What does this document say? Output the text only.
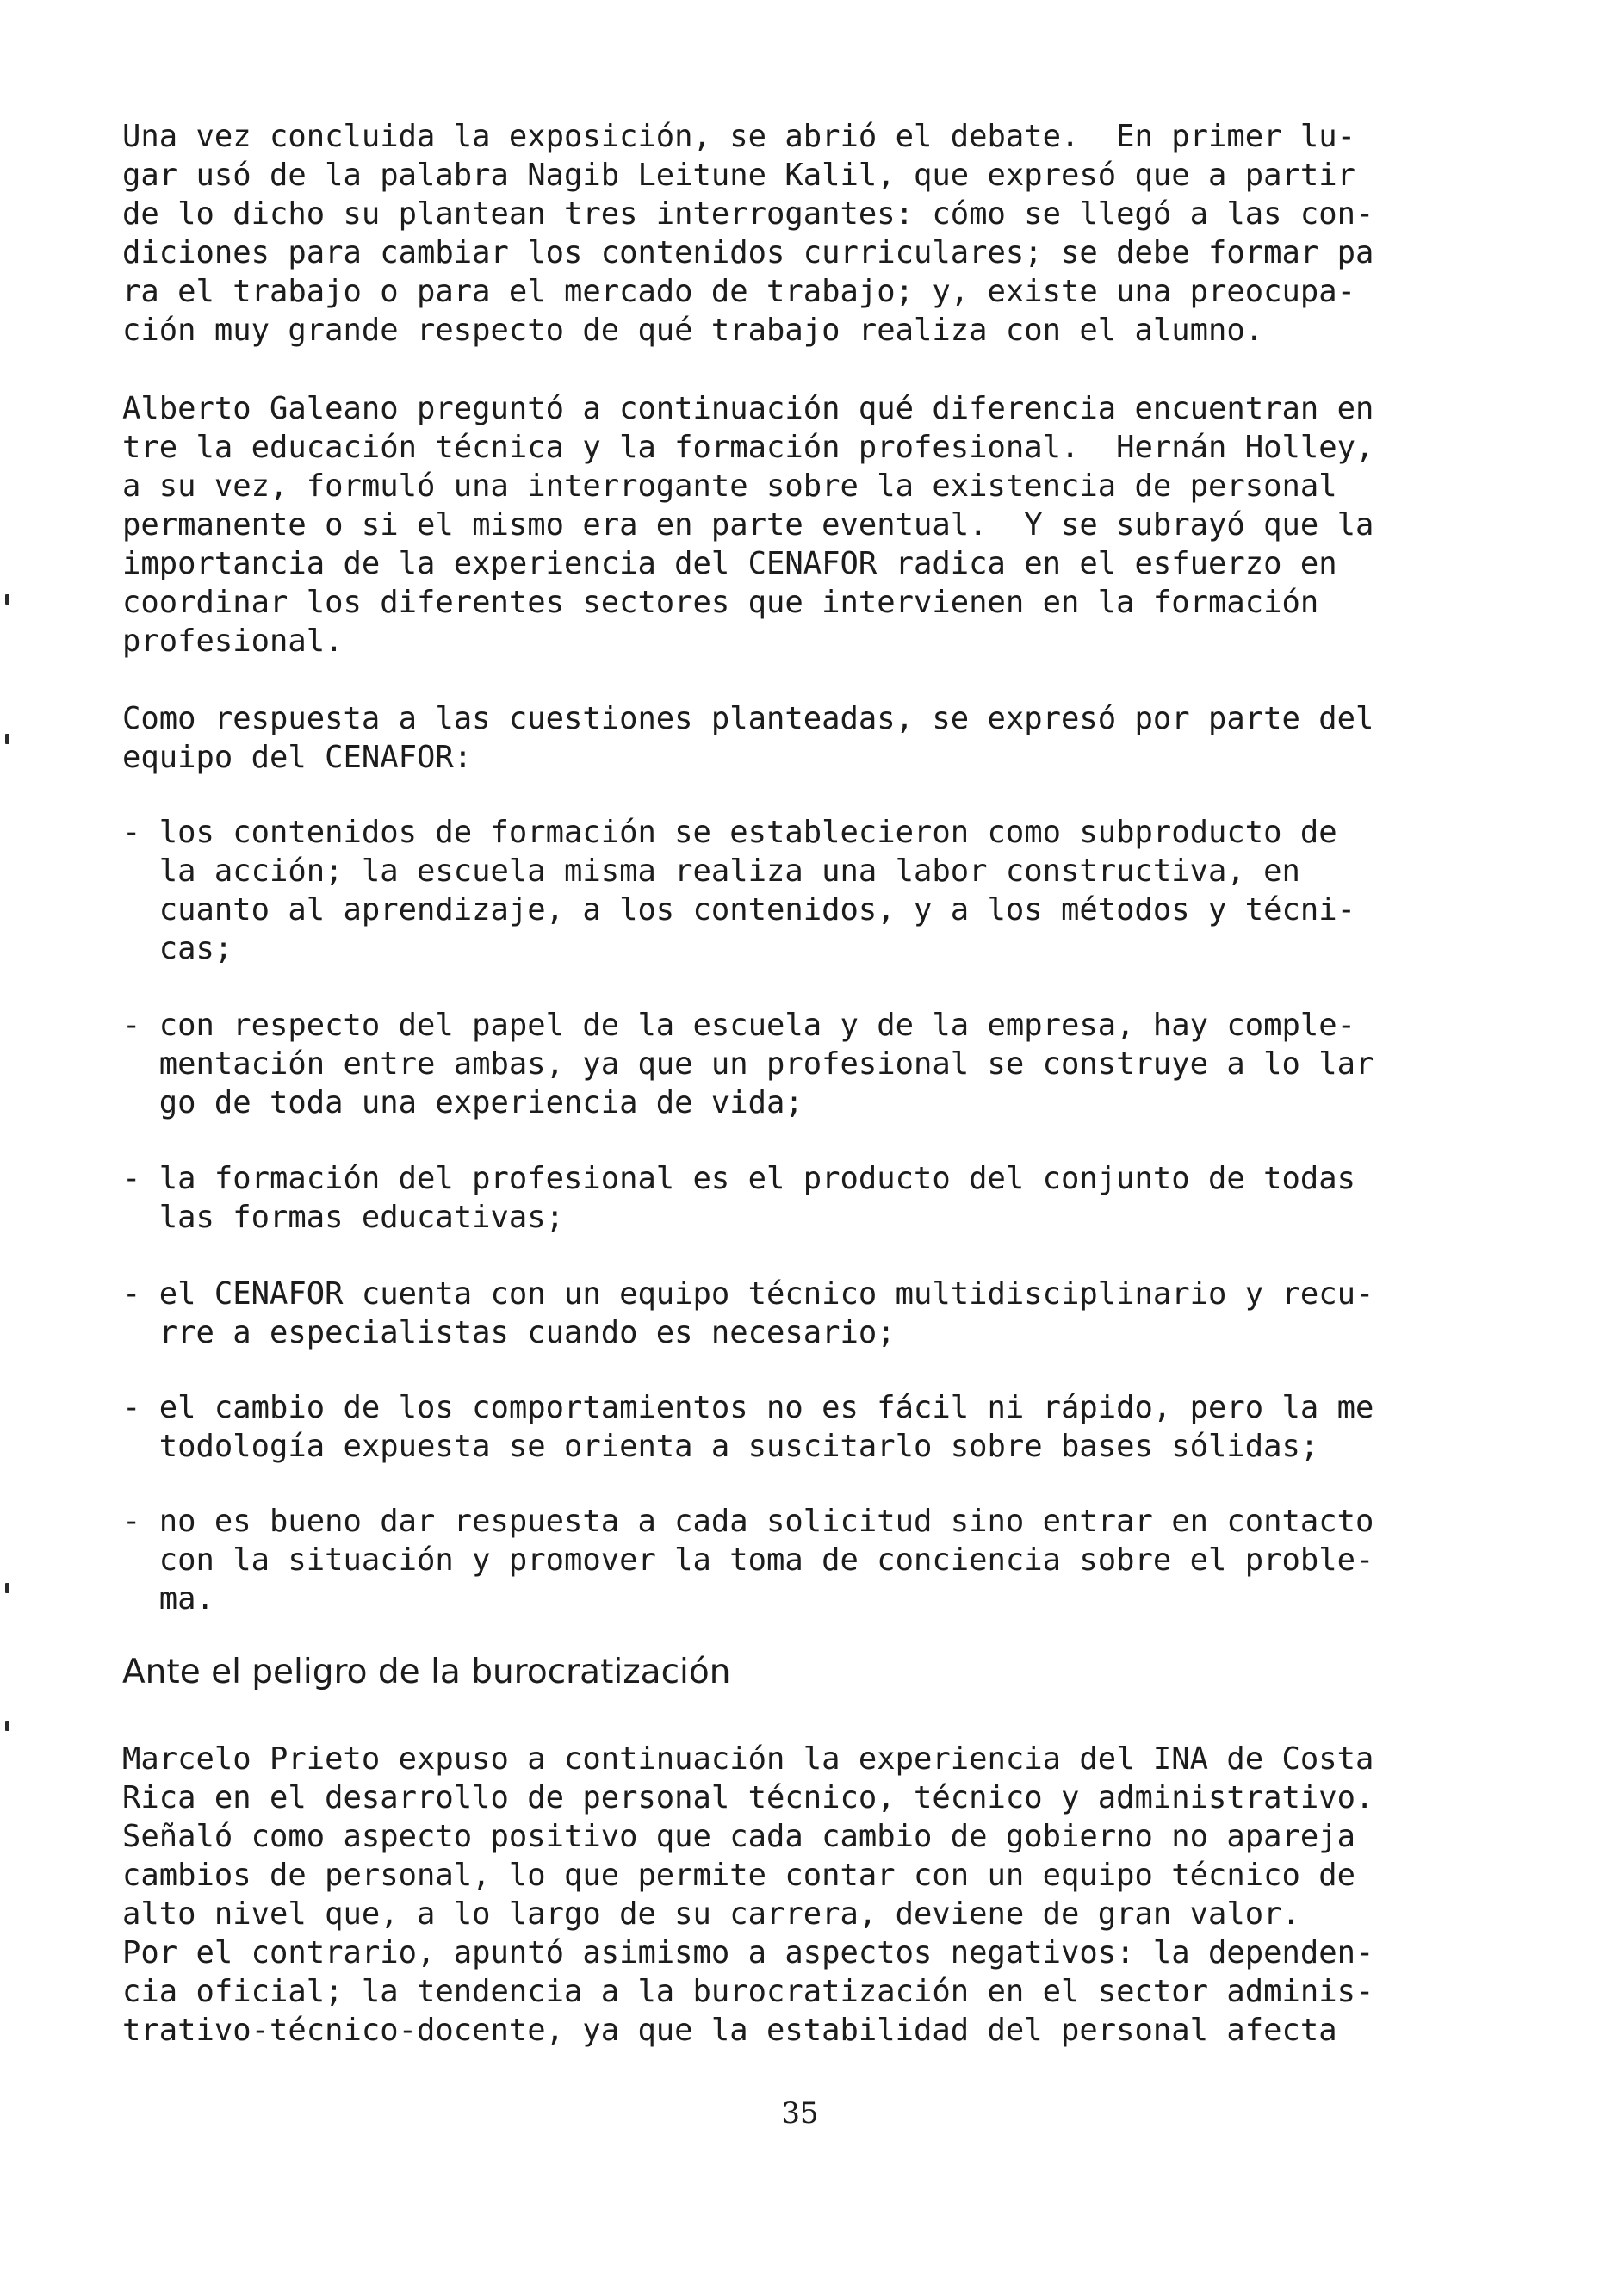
Una vez concluida la exposición, se abrió el debate.  En primer lu-
gar usó de la palabra Nagib Leitune Kalil, que expresó que a partir
de lo dicho su plantean tres interrogantes: cómo se llegó a las con-
diciones para cambiar los contenidos curriculares; se debe formar pa
ra el trabajo o para el mercado de trabajo; y, existe una preocupa-
ción muy grande respecto de qué trabajo realiza con el alumno.

Alberto Galeano preguntó a continuación qué diferencia encuentran en
tre la educación técnica y la formación profesional.  Hernán Holley,
a su vez, formuló una interrogante sobre la existencia de personal
permanente o si el mismo era en parte eventual.  Y se subrayó que la
importancia de la experiencia del CENAFOR radica en el esfuerzo en
coordinar los diferentes sectores que intervienen en la formación
profesional.

Como respuesta a las cuestiones planteadas, se expresó por parte del
equipo del CENAFOR:

- los contenidos de formación se establecieron como subproducto de
la acción; la escuela misma realiza una labor constructiva, en
cuanto al aprendizaje, a los contenidos, y a los métodos y técni-
cas;

- con respecto del papel de la escuela y de la empresa, hay comple-
mentación entre ambas, ya que un profesional se construye a lo lar
go de toda una experiencia de vida;

- la formación del profesional es el producto del conjunto de todas
las formas educativas;

- el CENAFOR cuenta con un equipo técnico multidisciplinario y recu-
rre a especialistas cuando es necesario;

- el cambio de los comportamientos no es fácil ni rápido, pero la me
todología expuesta se orienta a suscitarlo sobre bases sólidas;

- no es bueno dar respuesta a cada solicitud sino entrar en contacto
con la situación y promover la toma de conciencia sobre el proble-
ma.

Ante el peligro de la burocratización

Marcelo Prieto expuso a continuación la experiencia del INA de Costa
Rica en el desarrollo de personal técnico, técnico y administrativo.
Señaló como aspecto positivo que cada cambio de gobierno no apareja
cambios de personal, lo que permite contar con un equipo técnico de
alto nivel que, a lo largo de su carrera, deviene de gran valor.
Por el contrario, apuntó asimismo a aspectos negativos: la dependen-
cia oficial; la tendencia a la burocratización en el sector adminis-
trativo-técnico-docente, ya que la estabilidad del personal afecta

35
